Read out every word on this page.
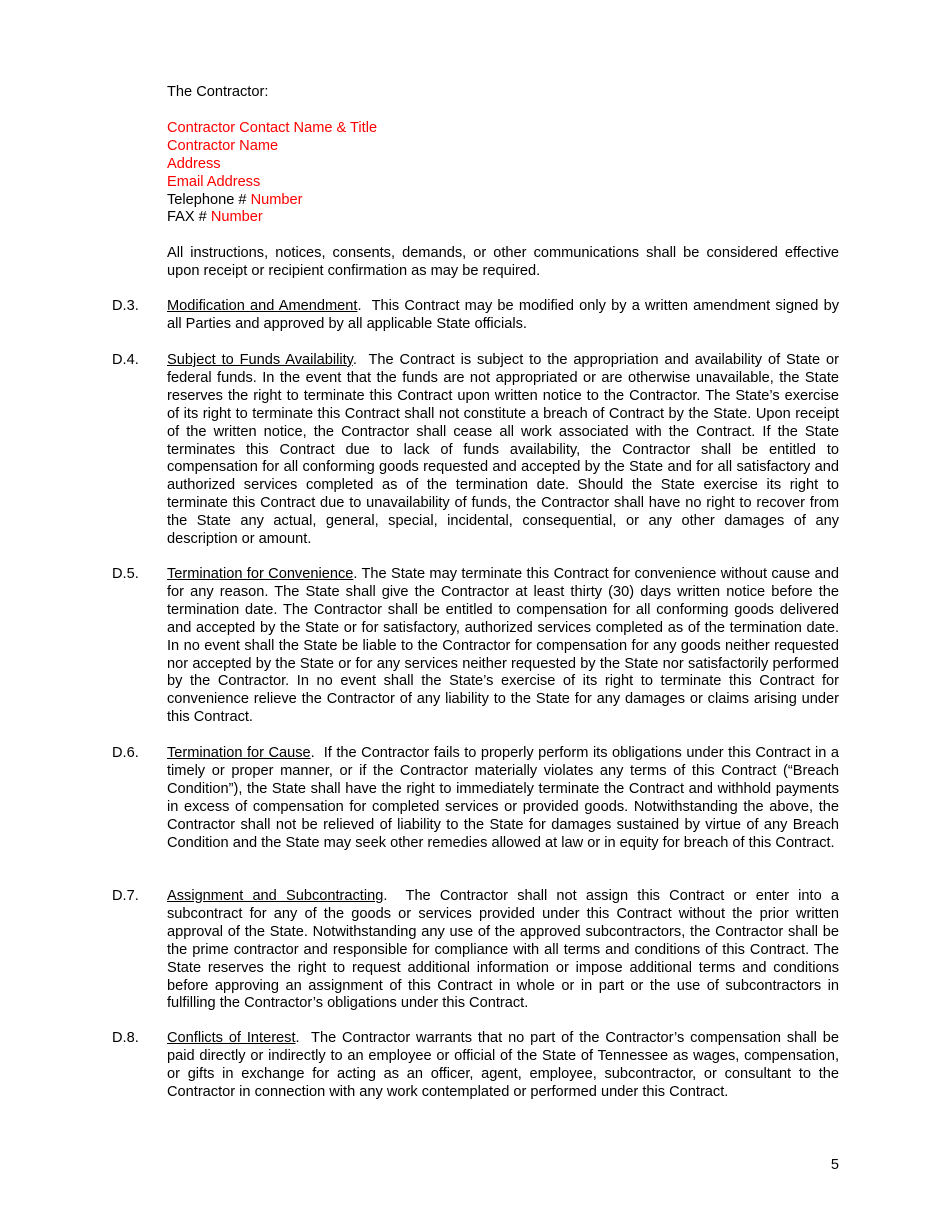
The Contractor:

Contractor Contact Name & Title

Contractor Name

Address

Email Address

Telephone # Number

FAX # Number

All instructions, notices, consents, demands, or other communications shall be considered effective upon receipt or recipient confirmation as may be required.

D.3. Modification and Amendment.  This Contract may be modified only by a written amendment signed by all Parties and approved by all applicable State officials.
D.4. Subject to Funds Availability.  The Contract is subject to the appropriation and availability of State or federal funds. In the event that the funds are not appropriated or are otherwise unavailable, the State reserves the right to terminate this Contract upon written notice to the Contractor. The State’s exercise of its right to terminate this Contract shall not constitute a breach of Contract by the State. Upon receipt of the written notice, the Contractor shall cease all work associated with the Contract. If the State terminates this Contract due to lack of funds availability, the Contractor shall be entitled to compensation for all conforming goods requested and accepted by the State and for all satisfactory and authorized services completed as of the termination date. Should the State exercise its right to terminate this Contract due to unavailability of funds, the Contractor shall have no right to recover from the State any actual, general, special, incidental, consequential, or any other damages of any description or amount.
D.5. Termination for Convenience. The State may terminate this Contract for convenience without cause and for any reason. The State shall give the Contractor at least thirty (30) days written notice before the termination date. The Contractor shall be entitled to compensation for all conforming goods delivered and accepted by the State or for satisfactory, authorized services completed as of the termination date. In no event shall the State be liable to the Contractor for compensation for any goods neither requested nor accepted by the State or for any services neither requested by the State nor satisfactorily performed by the Contractor. In no event shall the State’s exercise of its right to terminate this Contract for convenience relieve the Contractor of any liability to the State for any damages or claims arising under this Contract.
D.6. Termination for Cause.  If the Contractor fails to properly perform its obligations under this Contract in a timely or proper manner, or if the Contractor materially violates any terms of this Contract (“Breach Condition”), the State shall have the right to immediately terminate the Contract and withhold payments in excess of compensation for completed services or provided goods. Notwithstanding the above, the Contractor shall not be relieved of liability to the State for damages sustained by virtue of any Breach Condition and the State may seek other remedies allowed at law or in equity for breach of this Contract.
D.7. Assignment and Subcontracting.  The Contractor shall not assign this Contract or enter into a subcontract for any of the goods or services provided under this Contract without the prior written approval of the State. Notwithstanding any use of the approved subcontractors, the Contractor shall be the prime contractor and responsible for compliance with all terms and conditions of this Contract. The State reserves the right to request additional information or impose additional terms and conditions before approving an assignment of this Contract in whole or in part or the use of subcontractors in fulfilling the Contractor’s obligations under this Contract.
D.8. Conflicts of Interest.  The Contractor warrants that no part of the Contractor’s compensation shall be paid directly or indirectly to an employee or official of the State of Tennessee as wages, compensation, or gifts in exchange for acting as an officer, agent, employee, subcontractor, or consultant to the Contractor in connection with any work contemplated or performed under this Contract.
5
